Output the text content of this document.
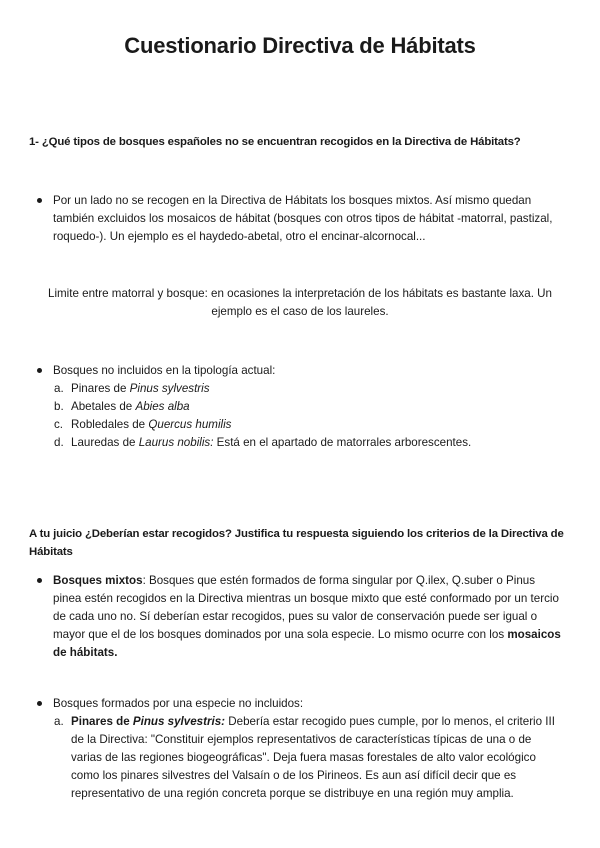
Cuestionario Directiva de Hábitats
1- ¿Qué tipos de bosques españoles no se encuentran recogidos en la Directiva de Hábitats?
Por un lado no se recogen en la Directiva de Hábitats los bosques mixtos. Así mismo quedan también excluidos los mosaicos de hábitat (bosques con otros tipos de hábitat -matorral, pastizal, roquedo-). Un ejemplo es el haydedo-abetal, otro el encinar-alcornocal...
Limite entre matorral y bosque: en ocasiones la interpretación de los hábitats es bastante laxa. Un ejemplo es el caso de los laureles.
Bosques no incluidos en la tipología actual:
a. Pinares de Pinus sylvestris
b. Abetales de Abies alba
c. Robledales de Quercus humilis
d. Lauredas de Laurus nobilis: Está en el apartado de matorrales arborescentes.
A tu juicio ¿Deberían estar recogidos? Justifica tu respuesta siguiendo los criterios de la Directiva de Hábitats
Bosques mixtos: Bosques que estén formados de forma singular por Q.ilex, Q.suber o Pinus pinea estén recogidos en la Directiva mientras un bosque mixto que esté conformado por un tercio de cada uno no. Sí deberían estar recogidos, pues su valor de conservación puede ser igual o mayor que el de los bosques dominados por una sola especie. Lo mismo ocurre con los mosaicos de hábitats.
Bosques formados por una especie no incluidos:
a. Pinares de Pinus sylvestris: Debería estar recogido pues cumple, por lo menos, el criterio III de la Directiva: "Constituir ejemplos representativos de características típicas de una o de varias de las regiones biogeográficas". Deja fuera masas forestales de alto valor ecológico como los pinares silvestres del Valsaín o de los Pirineos. Es aun así difícil decir que es representativo de una región concreta porque se distribuye en una región muy amplia.
